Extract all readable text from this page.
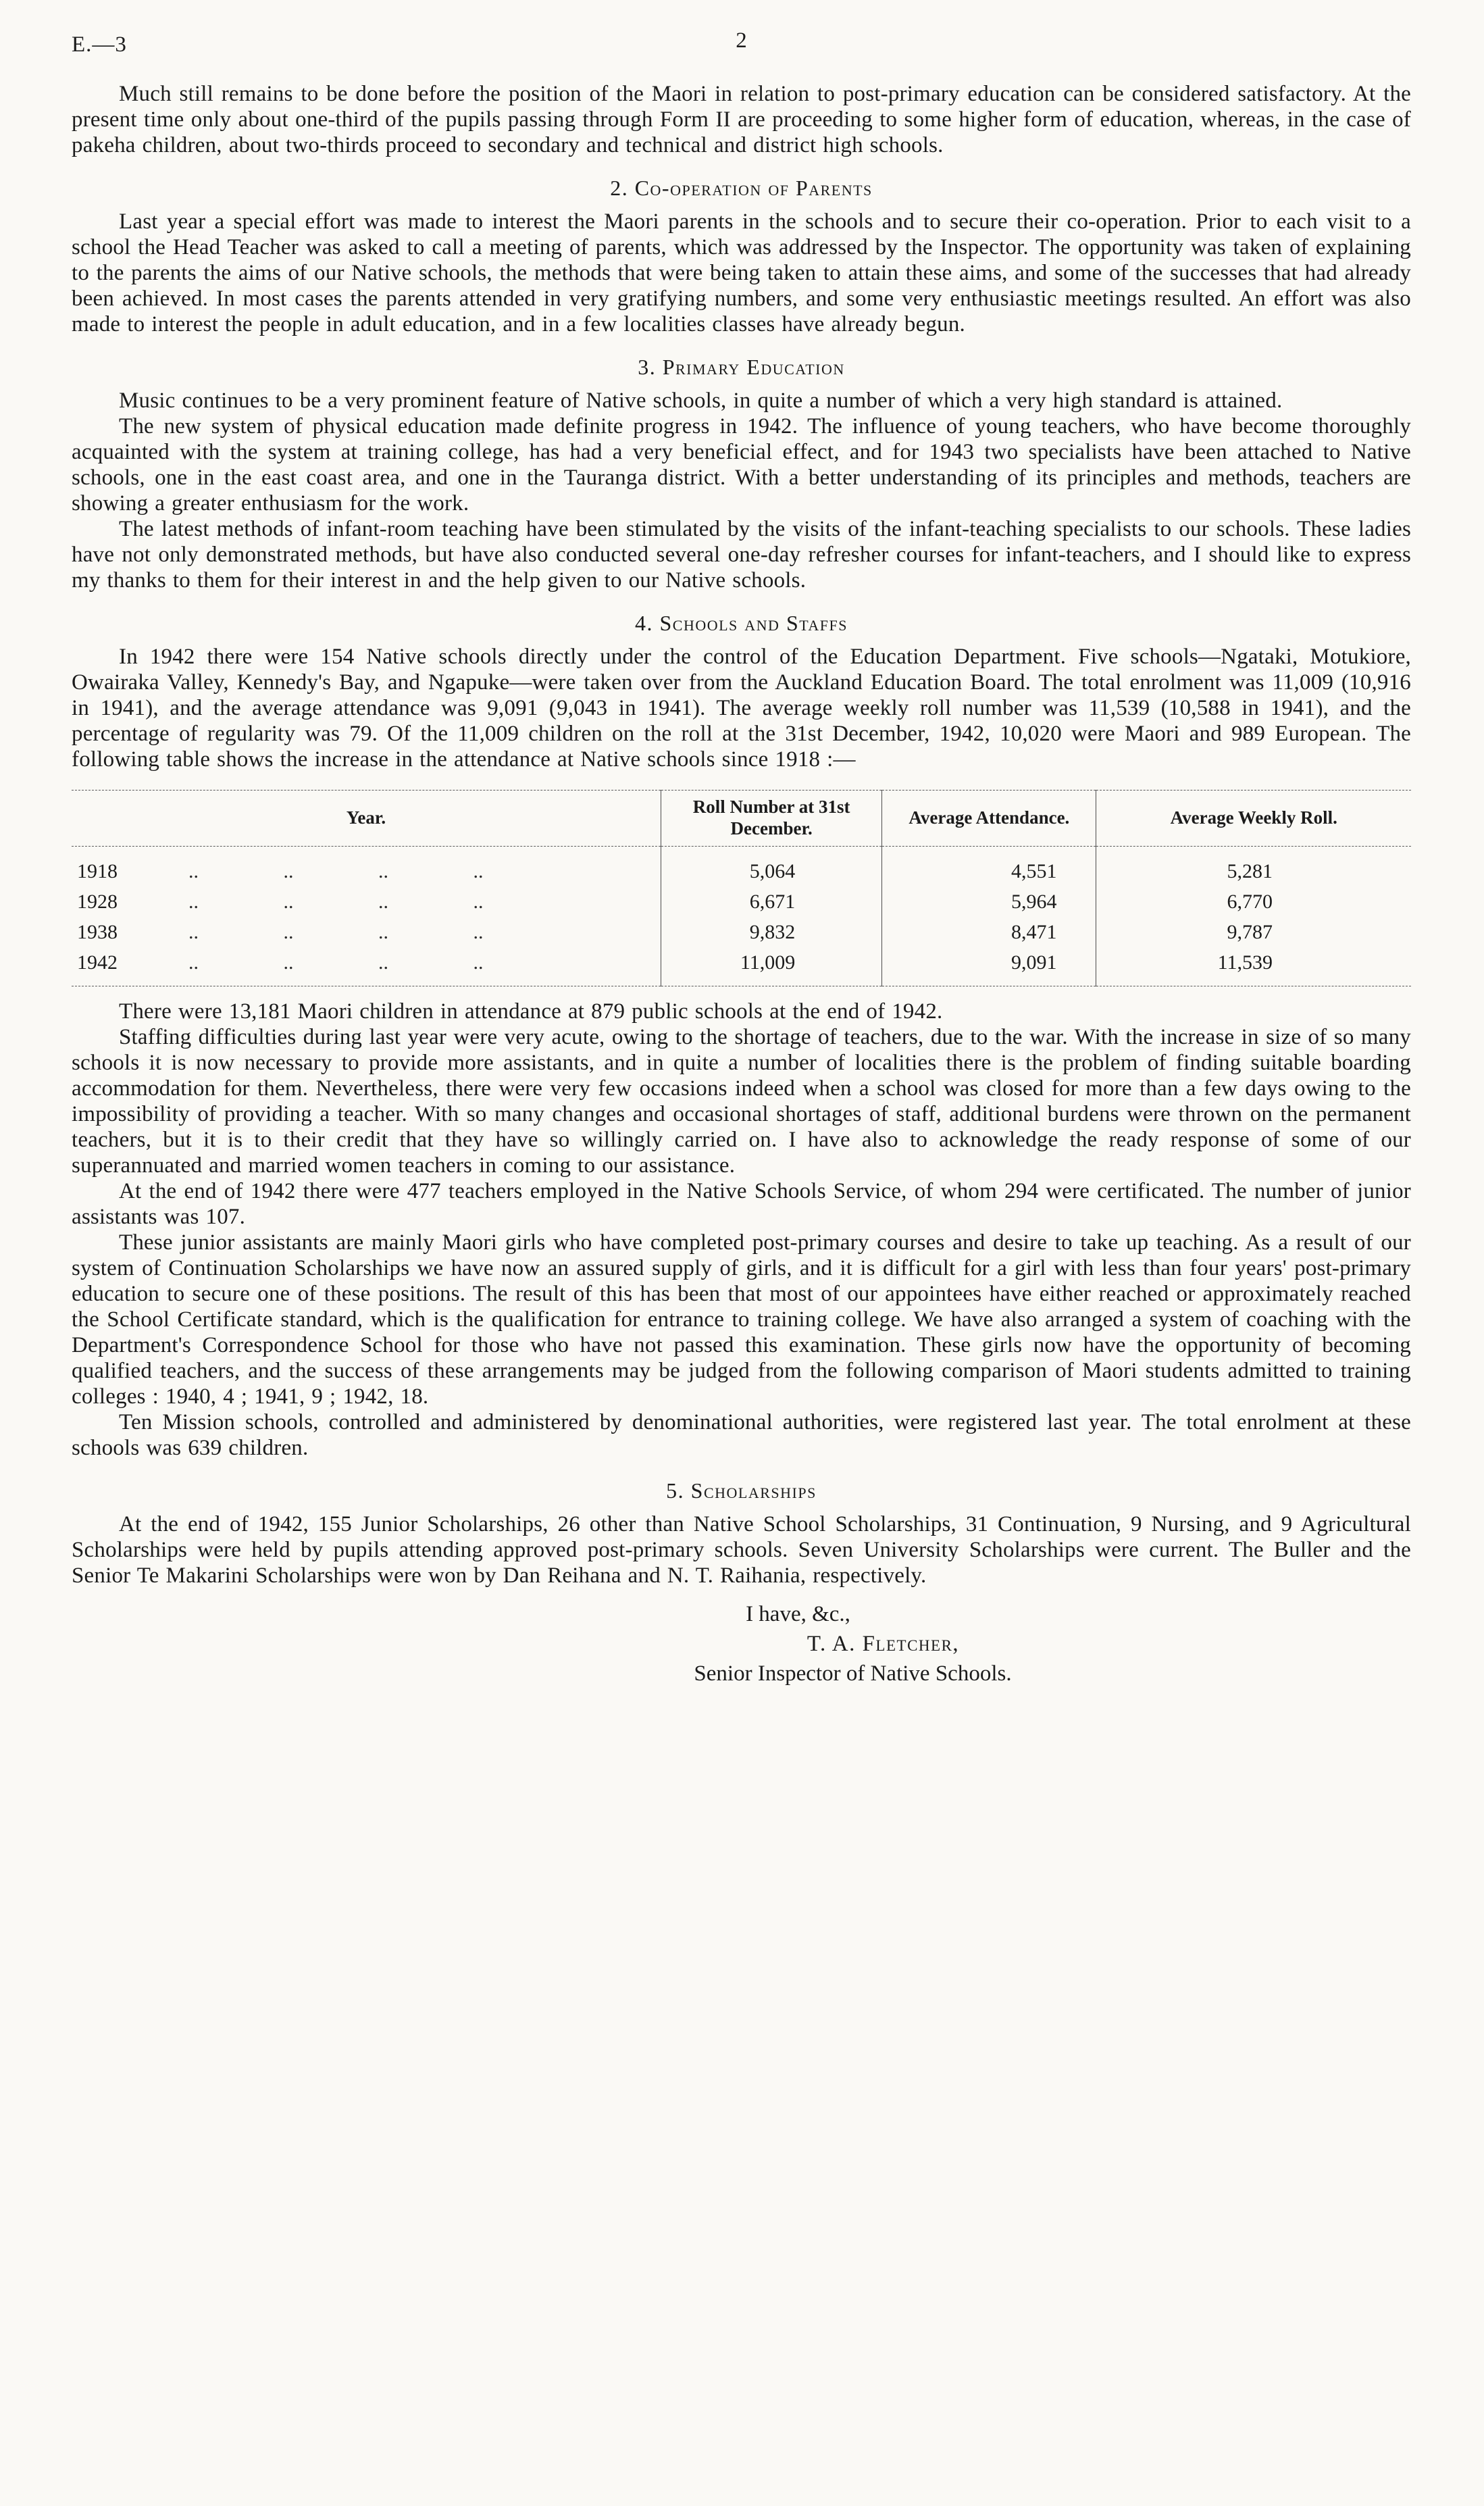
E.—3	2

Much still remains to be done before the position of the Maori in relation to post-primary education can be considered satisfactory. At the present time only about one-third of the pupils passing through Form II are proceeding to some higher form of education, whereas, in the case of pakeha children, about two-thirds proceed to secondary and technical and district high schools.

2. Co-operation of Parents

Last year a special effort was made to interest the Maori parents in the schools and to secure their co-operation. Prior to each visit to a school the Head Teacher was asked to call a meeting of parents, which was addressed by the Inspector. The opportunity was taken of explaining to the parents the aims of our Native schools, the methods that were being taken to attain these aims, and some of the successes that had already been achieved. In most cases the parents attended in very gratifying numbers, and some very enthusiastic meetings resulted. An effort was also made to interest the people in adult education, and in a few localities classes have already begun.

3. Primary Education

Music continues to be a very prominent feature of Native schools, in quite a number of which a very high standard is attained.

The new system of physical education made definite progress in 1942. The influence of young teachers, who have become thoroughly acquainted with the system at training college, has had a very beneficial effect, and for 1943 two specialists have been attached to Native schools, one in the east coast area, and one in the Tauranga district. With a better understanding of its principles and methods, teachers are showing a greater enthusiasm for the work.

The latest methods of infant-room teaching have been stimulated by the visits of the infant-teaching specialists to our schools. These ladies have not only demonstrated methods, but have also conducted several one-day refresher courses for infant-teachers, and I should like to express my thanks to them for their interest in and the help given to our Native schools.

4. Schools and Staffs

In 1942 there were 154 Native schools directly under the control of the Education Department. Five schools—Ngataki, Motukiore, Owairaka Valley, Kennedy's Bay, and Ngapuke—were taken over from the Auckland Education Board. The total enrolment was 11,009 (10,916 in 1941), and the average attendance was 9,091 (9,043 in 1941). The average weekly roll number was 11,539 (10,588 in 1941), and the percentage of regularity was 79. Of the 11,009 children on the roll at the 31st December, 1942, 10,020 were Maori and 989 European. The following table shows the increase in the attendance at Native schools since 1918 :—

Year.	Roll Number at 31st December.	Average Attendance.	Average Weekly Roll.
1918 .. .. .. ..	5,064	4,551	5,281
1928 .. .. .. ..	6,671	5,964	6,770
1938 .. .. .. ..	9,832	8,471	9,787
1942 .. .. .. ..	11,009	9,091	11,539

There were 13,181 Maori children in attendance at 879 public schools at the end of 1942.

Staffing difficulties during last year were very acute, owing to the shortage of teachers, due to the war. With the increase in size of so many schools it is now necessary to provide more assistants, and in quite a number of localities there is the problem of finding suitable boarding accommodation for them. Nevertheless, there were very few occasions indeed when a school was closed for more than a few days owing to the impossibility of providing a teacher. With so many changes and occasional shortages of staff, additional burdens were thrown on the permanent teachers, but it is to their credit that they have so willingly carried on. I have also to acknowledge the ready response of some of our superannuated and married women teachers in coming to our assistance.

At the end of 1942 there were 477 teachers employed in the Native Schools Service, of whom 294 were certificated. The number of junior assistants was 107.

These junior assistants are mainly Maori girls who have completed post-primary courses and desire to take up teaching. As a result of our system of Continuation Scholarships we have now an assured supply of girls, and it is difficult for a girl with less than four years' post-primary education to secure one of these positions. The result of this has been that most of our appointees have either reached or approximately reached the School Certificate standard, which is the qualification for entrance to training college. We have also arranged a system of coaching with the Department's Correspondence School for those who have not passed this examination. These girls now have the opportunity of becoming qualified teachers, and the success of these arrangements may be judged from the following comparison of Maori students admitted to training colleges : 1940, 4 ; 1941, 9 ; 1942, 18.

Ten Mission schools, controlled and administered by denominational authorities, were registered last year. The total enrolment at these schools was 639 children.

5. Scholarships

At the end of 1942, 155 Junior Scholarships, 26 other than Native School Scholarships, 31 Continuation, 9 Nursing, and 9 Agricultural Scholarships were held by pupils attending approved post-primary schools. Seven University Scholarships were current. The Buller and the Senior Te Makarini Scholarships were won by Dan Reihana and N. T. Raihania, respectively.

I have, &c.,
T. A. Fletcher,
Senior Inspector of Native Schools.
